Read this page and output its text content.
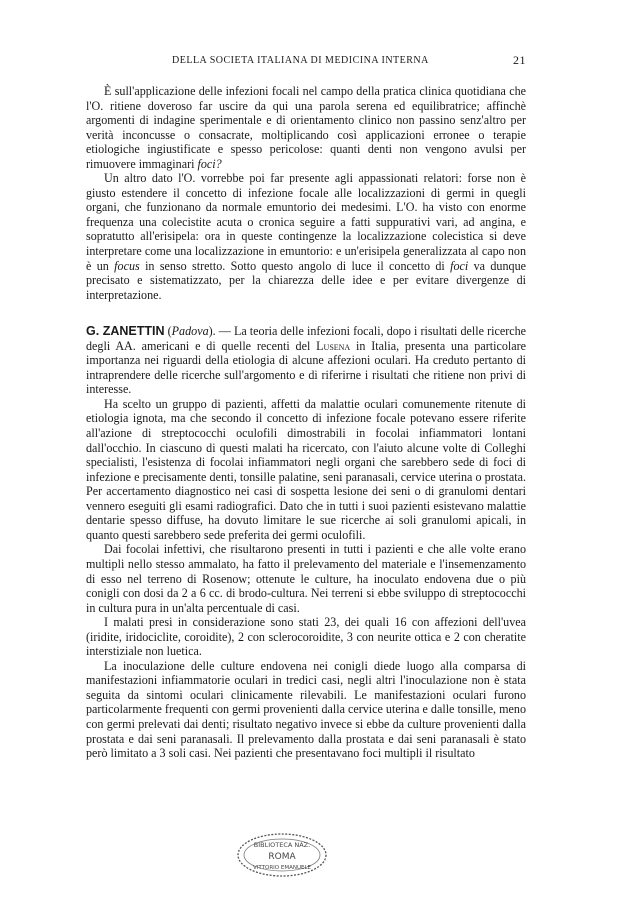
DELLA SOCIETA ITALIANA DI MEDICINA INTERNA	21

È sull'applicazione delle infezioni focali nel campo della pratica clinica quotidiana che l'O. ritiene doveroso far uscire da qui una parola serena ed equilibratrice; affinchè argomenti di indagine sperimentale e di orientamento clinico non passino senz'altro per verità inconcusse o consacrate, moltiplicando così applicazioni erronee o terapie etiologiche ingiustificate e spesso pericolose: quanti denti non vengono avulsi per rimuovere immaginari foci?

Un altro dato l'O. vorrebbe poi far presente agli appassionati relatori: forse non è giusto estendere il concetto di infezione focale alle localizzazioni di germi in quegli organi, che funzionano da normale emuntorio dei medesimi. L'O. ha visto con enorme frequenza una colecistite acuta o cronica seguire a fatti suppurativi vari, ad angina, e sopratutto all'erisipela: ora in queste contingenze la localizzazione colecistica si deve interpretare come una localizzazione in emuntorio: e un'erisipela generalizzata al capo non è un focus in senso stretto. Sotto questo angolo di luce il concetto di foci va dunque precisato e sistematizzato, per la chiarezza delle idee e per evitare divergenze di interpretazione.

G. ZANETTIN (Padova). — La teoria delle infezioni focali, dopo i risultati delle ricerche degli AA. americani e di quelle recenti del Lusena in Italia, presenta una particolare importanza nei riguardi della etiologia di alcune affezioni oculari. Ha creduto pertanto di intraprendere delle ricerche sull'argomento e di riferirne i risultati che ritiene non privi di interesse.

Ha scelto un gruppo di pazienti, affetti da malattie oculari comunemente ritenute di etiologia ignota, ma che secondo il concetto di infezione focale potevano essere riferite all'azione di streptococchi oculofili dimostrabili in focolai infiammatori lontani dall'occhio. In ciascuno di questi malati ha ricercato, con l'aiuto alcune volte di Colleghi specialisti, l'esistenza di focolai infiammatori negli organi che sarebbero sede di foci di infezione e precisamente denti, tonsille palatine, seni paranasali, cervice uterina o prostata. Per accertamento diagnostico nei casi di sospetta lesione dei seni o di granulomi dentari vennero eseguiti gli esami radiografici. Dato che in tutti i suoi pazienti esistevano malattie dentarie spesso diffuse, ha dovuto limitare le sue ricerche ai soli granulomi apicali, in quanto questi sarebbero sede preferita dei germi oculofili.

Dai focolai infettivi, che risultarono presenti in tutti i pazienti e che alle volte erano multipli nello stesso ammalato, ha fatto il prelevamento del materiale e l'insemenzamento di esso nel terreno di Rosenow; ottenute le culture, ha inoculato endovena due o più conigli con dosi da 2 a 6 cc. di brodo-cultura. Nei terreni si ebbe sviluppo di streptococchi in cultura pura in un'alta percentuale di casi.

I malati presi in considerazione sono stati 23, dei quali 16 con affezioni dell'uvea (iridite, iridociclite, coroidite), 2 con sclerocoroidite, 3 con neurite ottica e 2 con cheratite interstiziale non luetica.

La inoculazione delle culture endovena nei conigli diede luogo alla comparsa di manifestazioni infiammatorie oculari in tredici casi, negli altri l'inoculazione non è stata seguita da sintomi oculari clinicamente rilevabili. Le manifestazioni oculari furono particolarmente frequenti con germi provenienti dalla cervice uterina e dalle tonsille, meno con germi prelevati dai denti; risultato negativo invece si ebbe da culture provenienti dalla prostata e dai seni paranasali. Il prelevamento dalla prostata e dai seni paranasali è stato però limitato a 3 soli casi. Nei pazienti che presentavano foci multipli il risultato

BIBLIOTECA NAZ.
ROMA
VITTORIO EMANUELE
